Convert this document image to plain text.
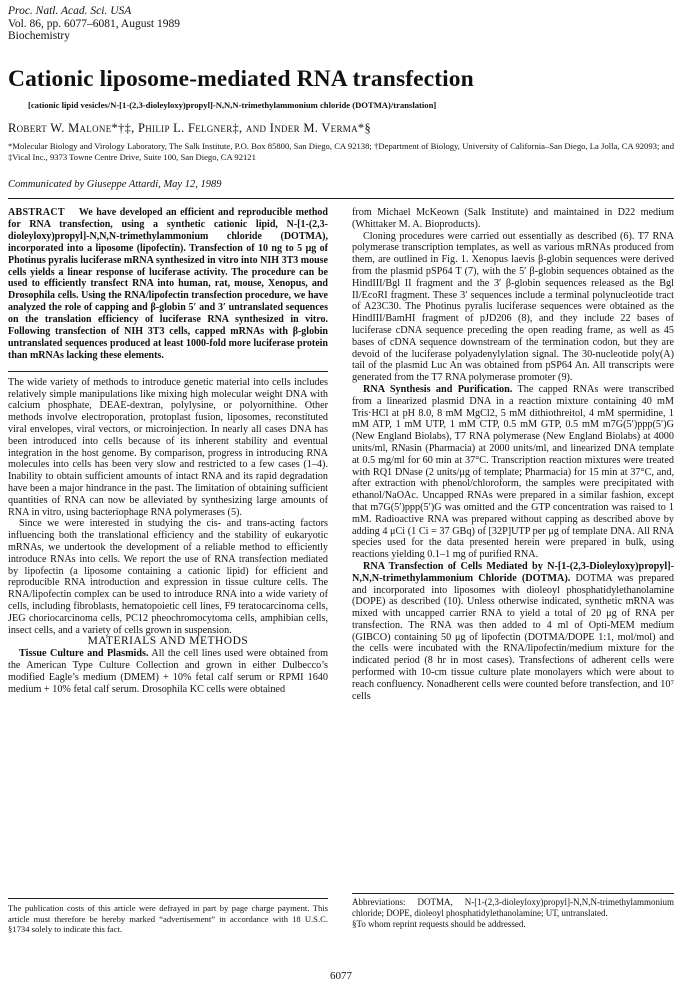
Proc. Natl. Acad. Sci. USA
Vol. 86, pp. 6077–6081, August 1989
Biochemistry
Cationic liposome-mediated RNA transfection
[cationic lipid vesicles/N-[1-(2,3-dioleyloxy)propyl]-N,N,N-trimethylammonium chloride (DOTMA)/translation]
Robert W. Malone*†‡, Philip L. Felgner‡, and Inder M. Verma*§
*Molecular Biology and Virology Laboratory, The Salk Institute, P.O. Box 85800, San Diego, CA 92138; †Department of Biology, University of California–San Diego, La Jolla, CA 92093; and ‡Vical Inc., 9373 Towne Centre Drive, Suite 100, San Diego, CA 92121
Communicated by Giuseppe Attardi, May 12, 1989

ABSTRACT We have developed an efficient and reproducible method for RNA transfection, using a synthetic cationic lipid, N-[1-(2,3-dioleyloxy)propyl]-N,N,N-trimethylammonium chloride (DOTMA), incorporated into a liposome (lipofectin). Transfection of 10 ng to 5 μg of Photinus pyralis luciferase mRNA synthesized in vitro into NIH 3T3 mouse cells yields a linear response of luciferase activity. The procedure can be used to efficiently transfect RNA into human, rat, mouse, Xenopus, and Drosophila cells. Using the RNA/lipofectin transfection procedure, we have analyzed the role of capping and β-globin 5′ and 3′ untranslated sequences on the translation efficiency of luciferase RNA synthesized in vitro. Following transfection of NIH 3T3 cells, capped mRNAs with β-globin untranslated sequences produced at least 1000-fold more luciferase protein than mRNAs lacking these elements.

The wide variety of methods to introduce genetic material into cells includes relatively simple manipulations like mixing high molecular weight DNA with calcium phosphate, DEAE-dextran, polylysine, or polyornithine. Other methods involve electroporation, protoplast fusion, liposomes, reconstituted viral envelopes, viral vectors, or microinjection. In nearly all cases DNA has been introduced into cells because of its inherent stability and eventual integration in the host genome. By comparison, progress in introducing RNA molecules into cells has been very slow and restricted to a few cases (1–4). Inability to obtain sufficient amounts of intact RNA and its rapid degradation have been a major hindrance in the past. The limitation of obtaining sufficient quantities of RNA can now be alleviated by synthesizing large amounts of RNA in vitro, using bacteriophage RNA polymerases (5).

Since we were interested in studying the cis- and trans-acting factors influencing both the translational efficiency and the stability of eukaryotic mRNAs, we undertook the development of a reliable method to efficiently introduce RNAs into cells. We report the use of RNA transfection mediated by lipofectin (a liposome containing a cationic lipid) for efficient and reproducible RNA introduction and expression in tissue culture cells. The RNA/lipofectin complex can be used to introduce RNA into a wide variety of cells, including fibroblasts, hematopoietic cell lines, F9 teratocarcinoma cells, JEG choriocarcinoma cells, PC12 pheochromocytoma cells, amphibian cells, insect cells, and a variety of cells grown in suspension.

MATERIALS AND METHODS

Tissue Culture and Plasmids. All the cell lines used were obtained from the American Type Culture Collection and grown in either Dulbecco’s modified Eagle’s medium (DMEM) + 10% fetal calf serum or RPMI 1640 medium + 10% fetal calf serum. Drosophila KC cells were obtained

from Michael McKeown (Salk Institute) and maintained in D22 medium (Whittaker M. A. Bioproducts).

Cloning procedures were carried out essentially as described (6). T7 RNA polymerase transcription templates, as well as various mRNAs produced from them, are outlined in Fig. 1. Xenopus laevis β-globin sequences were derived from the plasmid pSP64 T (7), with the 5′ β-globin sequences obtained as the HindIII/Bgl II fragment and the 3′ β-globin sequences released as the Bgl II/EcoRI fragment. These 3′ sequences include a terminal polynucleotide tract of A23C30. The Photinus pyralis luciferase sequences were obtained as the HindIII/BamHI fragment of pJD206 (8), and they include 22 bases of luciferase cDNA sequence preceding the open reading frame, as well as 45 bases of cDNA sequence downstream of the termination codon, but they are devoid of the luciferase polyadenylylation signal. The 30-nucleotide poly(A) tail of the plasmid Luc An was obtained from pSP64 An. All transcripts were generated from the T7 RNA polymerase promoter (9).

RNA Synthesis and Purification. The capped RNAs were transcribed from a linearized plasmid DNA in a reaction mixture containing 40 mM Tris·HCl at pH 8.0, 8 mM MgCl2, 5 mM dithiothreitol, 4 mM spermidine, 1 mM ATP, 1 mM UTP, 1 mM CTP, 0.5 mM GTP, 0.5 mM m7G(5′)ppp(5′)G (New England Biolabs), T7 RNA polymerase (New England Biolabs) at 4000 units/ml, RNasin (Pharmacia) at 2000 units/ml, and linearized DNA template at 0.5 mg/ml for 60 min at 37°C. Transcription reaction mixtures were treated with RQ1 DNase (2 units/μg of template; Pharmacia) for 15 min at 37°C, and, after extraction with phenol/chloroform, the samples were precipitated with ethanol/NaOAc. Uncapped RNAs were prepared in a similar fashion, except that m7G(5′)ppp(5′)G was omitted and the GTP concentration was raised to 1 mM. Radioactive RNA was prepared without capping as described above by adding 4 μCi (1 Ci = 37 GBq) of [32P]UTP per μg of template DNA. All RNA species used for the data presented herein were prepared in bulk, using reactions yielding 0.1–1 mg of purified RNA.

RNA Transfection of Cells Mediated by N-[1-(2,3-Dioleyloxy)propyl]-N,N,N-trimethylammonium Chloride (DOTMA). DOTMA was prepared and incorporated into liposomes with dioleoyl phosphatidylethanolamine (DOPE) as described (10). Unless otherwise indicated, synthetic mRNA was mixed with uncapped carrier RNA to yield a total of 20 μg of RNA per transfection. The RNA was then added to 4 ml of Opti-MEM medium (GIBCO) containing 50 μg of lipofectin (DOTMA/DOPE 1:1, mol/mol) and the cells were incubated with the RNA/lipofectin/medium mixture for the indicated period (8 hr in most cases). Transfections of adherent cells were performed with 10-cm tissue culture plate monolayers which were about to reach confluency. Nonadherent cells were counted before transfection, and 10⁷ cells

The publication costs of this article were defrayed in part by page charge payment. This article must therefore be hereby marked “advertisement” in accordance with 18 U.S.C. §1734 solely to indicate this fact.
Abbreviations: DOTMA, N-[1-(2,3-dioleyloxy)propyl]-N,N,N-trimethylammonium chloride; DOPE, dioleoyl phosphatidylethanolamine; UT, untranslated.
§To whom reprint requests should be addressed.
6077
